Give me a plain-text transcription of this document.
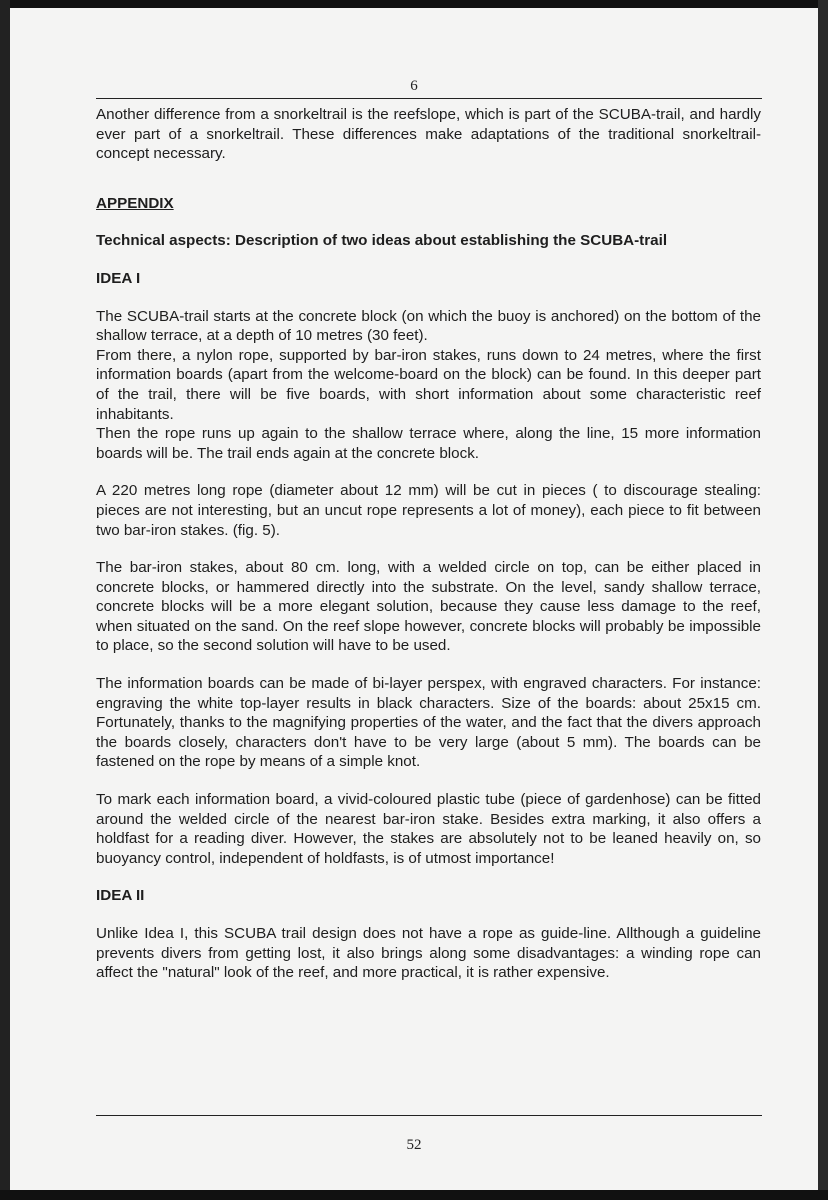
6

Another difference from a snorkeltrail is the reefslope, which is part of the SCUBA-trail, and hardly ever part of a snorkeltrail. These differences make adaptations of the traditional snorkeltrail-concept necessary.

APPENDIX

Technical aspects: Description of two ideas about establishing the SCUBA-trail

IDEA I

The SCUBA-trail starts at the concrete block (on which the buoy is anchored) on the bottom of the shallow terrace, at a depth of 10 metres (30 feet).

From there, a nylon rope, supported by bar-iron stakes, runs down to 24 metres, where the first information boards (apart from the welcome-board on the block) can be found. In this deeper part of the trail, there will be five boards, with short information about some characteristic reef inhabitants.

Then the rope runs up again to the shallow terrace where, along the line, 15 more information boards will be. The trail ends again at the concrete block.

A 220 metres long rope (diameter about 12 mm) will be cut in pieces ( to discourage stealing: pieces are not interesting, but an uncut rope represents a lot of money), each piece to fit between two bar-iron stakes. (fig. 5).

The bar-iron stakes, about 80 cm. long, with a welded circle on top, can be either placed in concrete blocks, or hammered directly into the substrate. On the level, sandy shallow terrace, concrete blocks will be a more elegant solution, because they cause less damage to the reef, when situated on the sand. On the reef slope however, concrete blocks will probably be impossible to place, so the second solution will have to be used.

The information boards can be made of bi-layer perspex, with engraved characters. For instance: engraving the white top-layer results in black characters. Size of the boards: about 25x15 cm. Fortunately, thanks to the magnifying properties of the water, and the fact that the divers approach the boards closely, characters don't have to be very large (about 5 mm). The boards can be fastened on the rope by means of a simple knot.

To mark each information board, a vivid-coloured plastic tube (piece of gardenhose) can be fitted around the welded circle of the nearest bar-iron stake. Besides extra marking, it also offers a holdfast for a reading diver. However, the stakes are absolutely not to be leaned heavily on, so buoyancy control, independent of holdfasts, is of utmost importance!

IDEA II

Unlike Idea I, this SCUBA trail design does not have a rope as guide-line. Allthough a guideline prevents divers from getting lost, it also brings along some disadvantages: a winding rope can affect the "natural" look of the reef, and more practical, it is rather expensive.

52
